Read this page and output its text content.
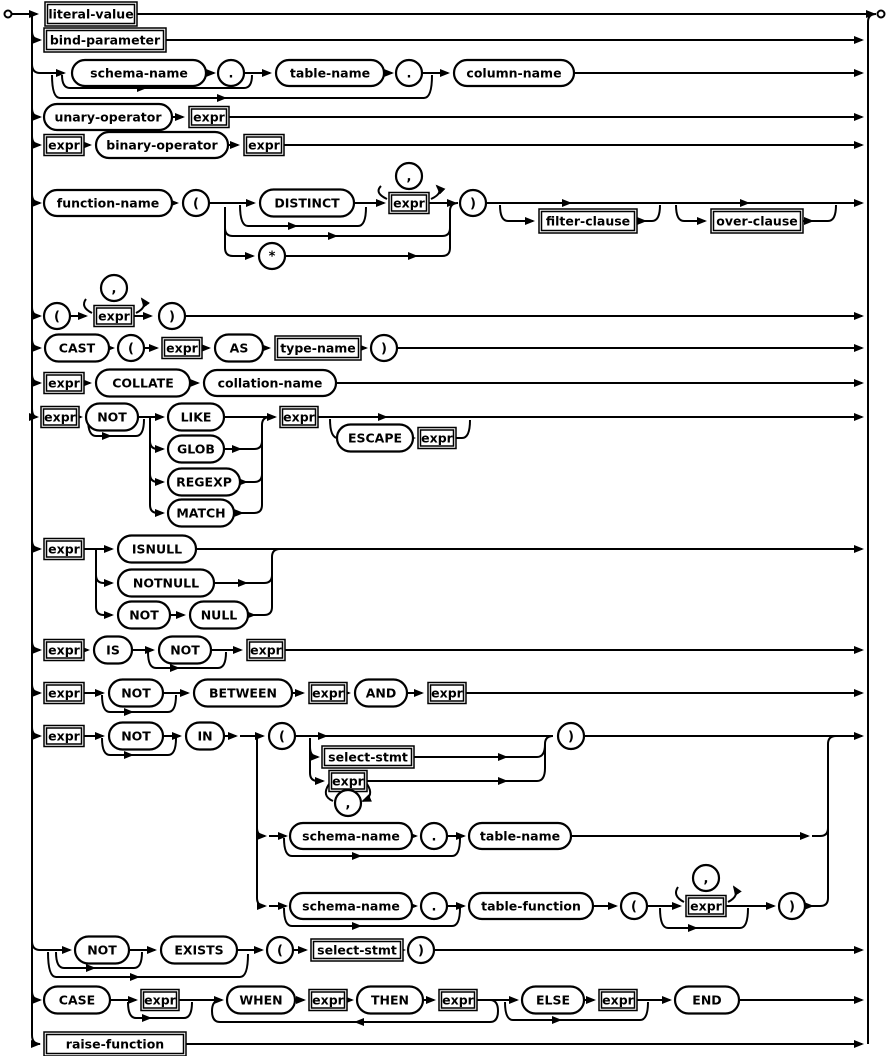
literal-value
bind-parameter
schema-name	.	table-name	.	column-name
unary-operator	expr
expr binary-operator expr
function-name	(	DISTINCT	expr
,
*
)
filter-clause	over-clause
(	expr
,
)
CAST	(	expr	AS	type-name )
expr	COLLATE	collation-name
expr NOT	LIKE
GLOB
REGEXP
MATCH
expr
ESCAPE expr
expr	ISNULL
NOTNULL
NOT	NULL
expr IS	NOT	expr
expr	NOT	BETWEEN	expr AND	expr
expr	NOT	IN	(
select-stmt
expr
,
)
schema-name .	table-name
schema-name .	table-function	(	expr
,
)
NOT	EXISTS	(	select-stmt )
CASE	expr	WHEN expr THEN	expr	ELSE	expr	END
raise-function
